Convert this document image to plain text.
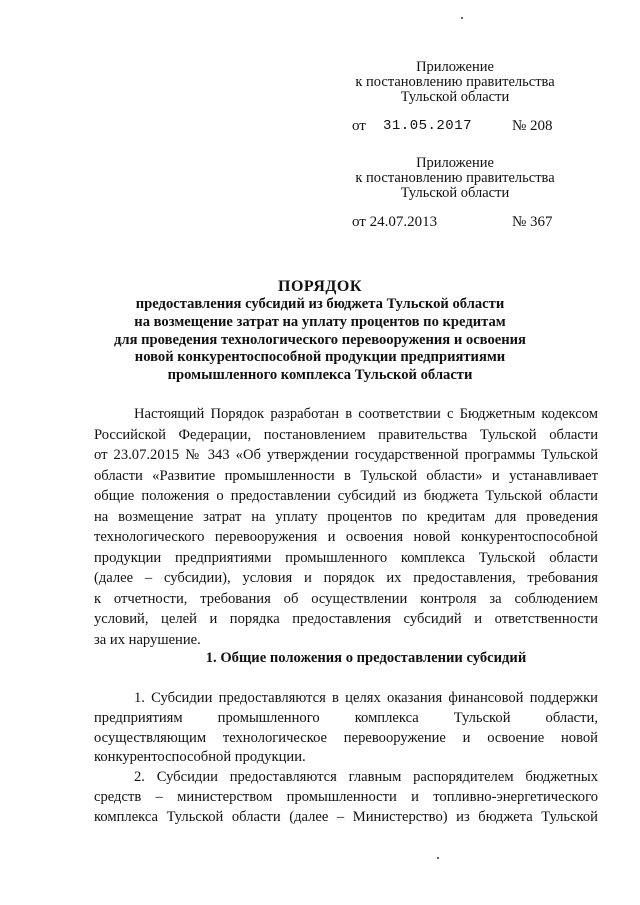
Приложение
к постановлению правительства
Тульской области
от 31.05.2017	№ 208
Приложение
к постановлению правительства
Тульской области
от 24.07.2013	№ 367
ПОРЯДОК
предоставления субсидий из бюджета Тульской области
на возмещение затрат на уплату процентов по кредитам
для проведения технологического перевооружения и освоения
новой конкурентоспособной продукции предприятиями
промышленного комплекса Тульской области
Настоящий Порядок разработан в соответствии с Бюджетным кодексом
Российской Федерации, постановлением правительства Тульской области
от 23.07.2015 № 343 «Об утверждении государственной программы Тульской
области «Развитие промышленности в Тульской области» и устанавливает
общие положения о предоставлении субсидий из бюджета Тульской области
на возмещение затрат на уплату процентов по кредитам для проведения
технологического перевооружения и освоения новой конкурентоспособной
продукции предприятиями промышленного комплекса Тульской области
(далее – субсидии), условия и порядок их предоставления, требования
к отчетности, требования об осуществлении контроля за соблюдением
условий, целей и порядка предоставления субсидий и ответственности
за их нарушение.
1. Общие положения о предоставлении субсидий
1. Субсидии предоставляются в целях оказания финансовой поддержки
предприятиям промышленного комплекса Тульской области,
осуществляющим технологическое перевооружение и освоение новой
конкурентоспособной продукции.
2. Субсидии предоставляются главным распорядителем бюджетных
средств – министерством промышленности и топливно-энергетического
комплекса Тульской области (далее – Министерство) из бюджета Тульской
